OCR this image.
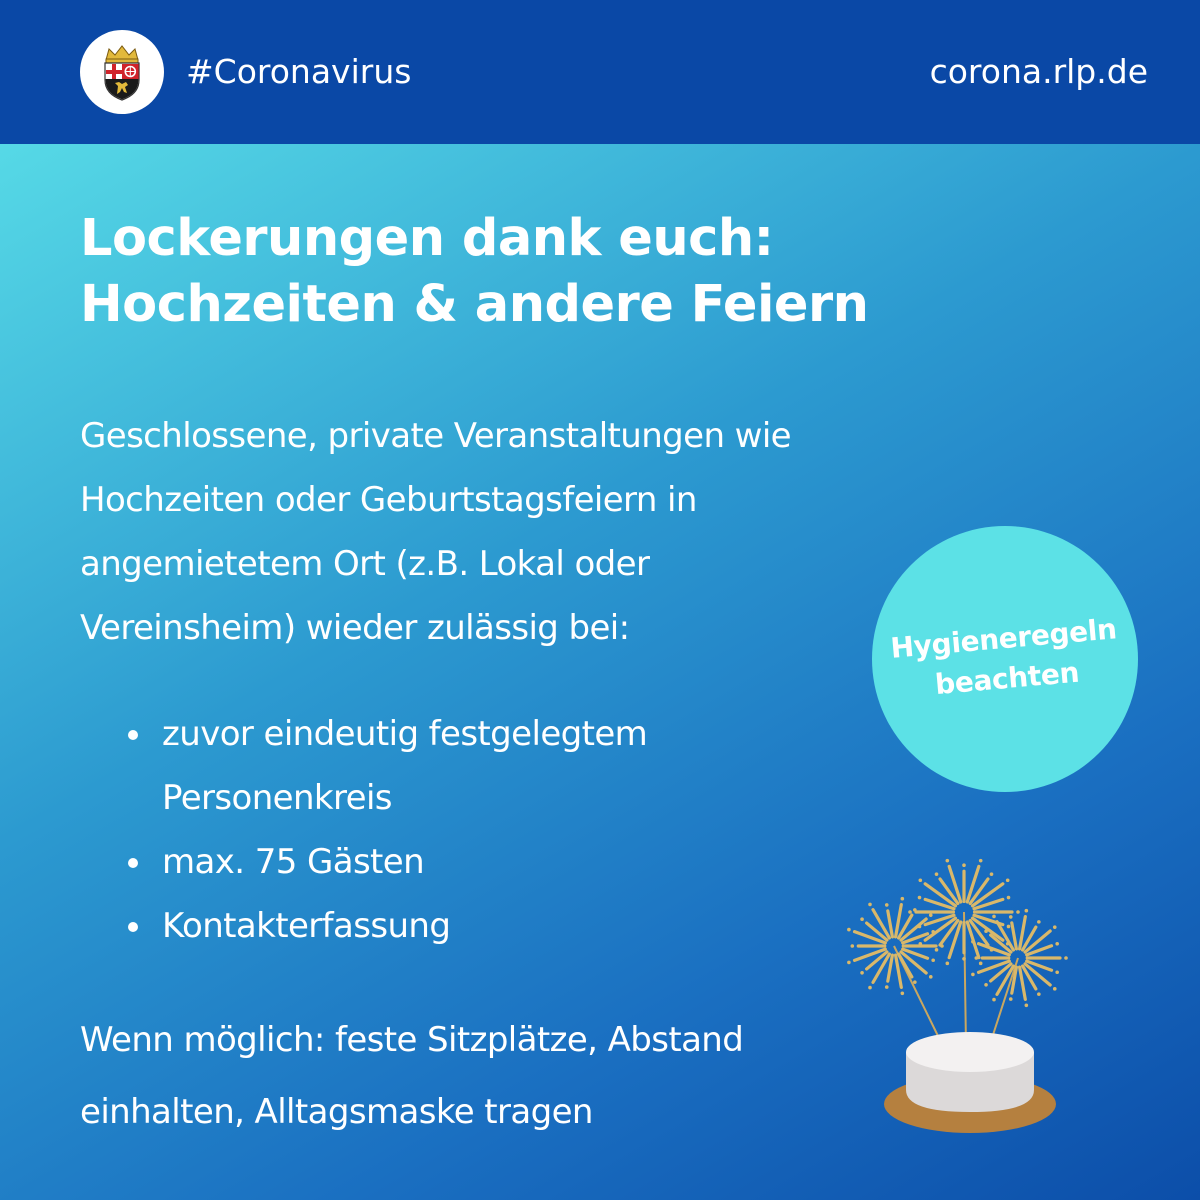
#Coronavirus	corona.rlp.de
Lockerungen dank euch:
Hochzeiten & andere Feiern
Geschlossene, private Veranstaltungen wie
Hochzeiten oder Geburtstagsfeiern in
angemietetem Ort (z.B. Lokal oder
Vereinsheim) wieder zulässig bei:
zuvor eindeutig festgelegtem
Personenkreis
max. 75 Gästen
Kontakterfassung
Wenn möglich: feste Sitzplätze, Abstand
einhalten, Alltagsmaske tragen
Hygieneregeln
beachten
